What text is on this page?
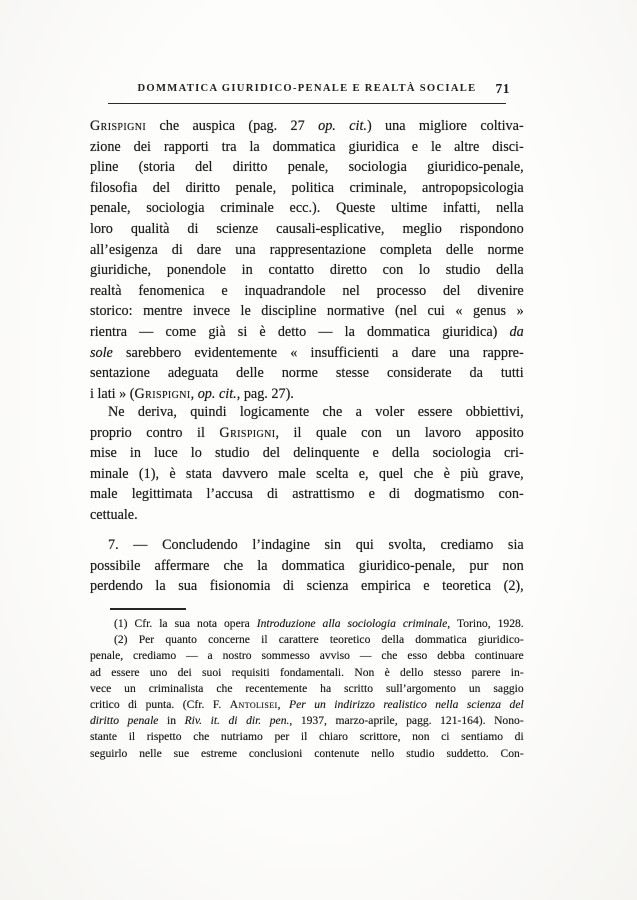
DOMMATICA GIURIDICO-PENALE E REALTÀ SOCIALE	71
Grispigni che auspica (pag. 27 op. cit.) una migliore coltiva-
zione dei rapporti tra la dommatica giuridica e le altre disci-
pline (storia del diritto penale, sociologia giuridico-penale,
filosofia del diritto penale, politica criminale, antropopsicologia
penale, sociologia criminale ecc.). Queste ultime infatti, nella
loro qualità di scienze causali-esplicative, meglio rispondono
all’esigenza di dare una rappresentazione completa delle norme
giuridiche, ponendole in contatto diretto con lo studio della
realtà fenomenica e inquadrandole nel processo del divenire
storico: mentre invece le discipline normative (nel cui « genus »
rientra — come già si è detto — la dommatica giuridica) da
sole sarebbero evidentemente « insufficienti a dare una rappre-
sentazione adeguata delle norme stesse considerate da tutti
i lati » (Grispigni, op. cit., pag. 27).
Ne deriva, quindi logicamente che a voler essere obbiettivi,
proprio contro il Grispigni, il quale con un lavoro apposito
mise in luce lo studio del delinquente e della sociologia cri-
minale (1), è stata davvero male scelta e, quel che è più grave,
male legittimata l’accusa di astrattismo e di dogmatismo con-
cettuale.
7. — Concludendo l’indagine sin qui svolta, crediamo sia
possibile affermare che la dommatica giuridico-penale, pur non
perdendo la sua fisionomia di scienza empirica e teoretica (2),
(1) Cfr. la sua nota opera Introduzione alla sociologia criminale, Torino, 1928.
(2) Per quanto concerne il carattere teoretico della dommatica giuridico-
penale, crediamo — a nostro sommesso avviso — che esso debba continuare
ad essere uno dei suoi requisiti fondamentali. Non è dello stesso parere in-
vece un criminalista che recentemente ha scritto sull’argomento un saggio
critico di punta. (Cfr. F. Antolisei, Per un indirizzo realistico nella scienza del
diritto penale in Riv. it. di dir. pen., 1937, marzo-aprile, pagg. 121-164). Nono-
stante il rispetto che nutriamo per il chiaro scrittore, non ci sentiamo di
seguirlo nelle sue estreme conclusioni contenute nello studio suddetto. Con-
